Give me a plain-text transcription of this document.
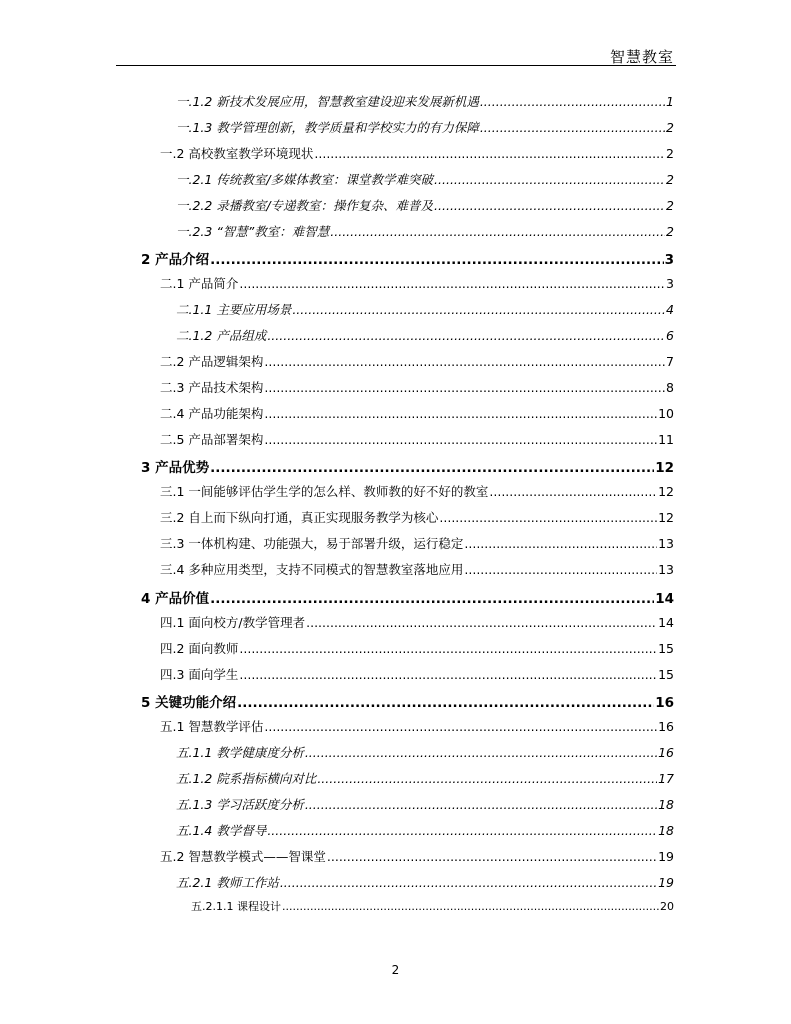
智慧教室
一.1.2 新技术发展应用，智慧教室建设迎来发展新机遇 .....	1
一.1.3 教学管理创新，教学质量和学校实力的有力保障 .....	2
一.2 高校教室教学环境现状 .....	2
一.2.1 传统教室/多媒体教室：课堂教学难突破 .....	2
一.2.2 录播教室/专递教室：操作复杂、难普及 .....	2
一.2.3 “智慧”教室：难智慧 .....	2
2 产品介绍 .....	3
二.1 产品简介 .....	3
二.1.1 主要应用场景 .....	4
二.1.2 产品组成 .....	6
二.2 产品逻辑架构 .....	7
二.3 产品技术架构 .....	8
二.4 产品功能架构 .....	10
二.5 产品部署架构 .....	11
3 产品优势 .....	12
三.1 一间能够评估学生学的怎么样、教师教的好不好的教室 .....	12
三.2 自上而下纵向打通，真正实现服务教学为核心 .....	12
三.3 一体机构建、功能强大，易于部署升级，运行稳定 .....	13
三.4 多种应用类型，支持不同模式的智慧教室落地应用 .....	13
4 产品价值 .....	14
四.1 面向校方/教学管理者 .....	14
四.2 面向教师 .....	15
四.3 面向学生 .....	15
5 关键功能介绍 .....	16
五.1 智慧教学评估 .....	16
五.1.1 教学健康度分析 .....	16
五.1.2 院系指标横向对比 .....	17
五.1.3 学习活跃度分析 .....	18
五.1.4 教学督导 .....	18
五.2 智慧教学模式——智课堂 .....	19
五.2.1 教师工作站 .....	19
五.2.1.1 课程设计 .....	20
2
